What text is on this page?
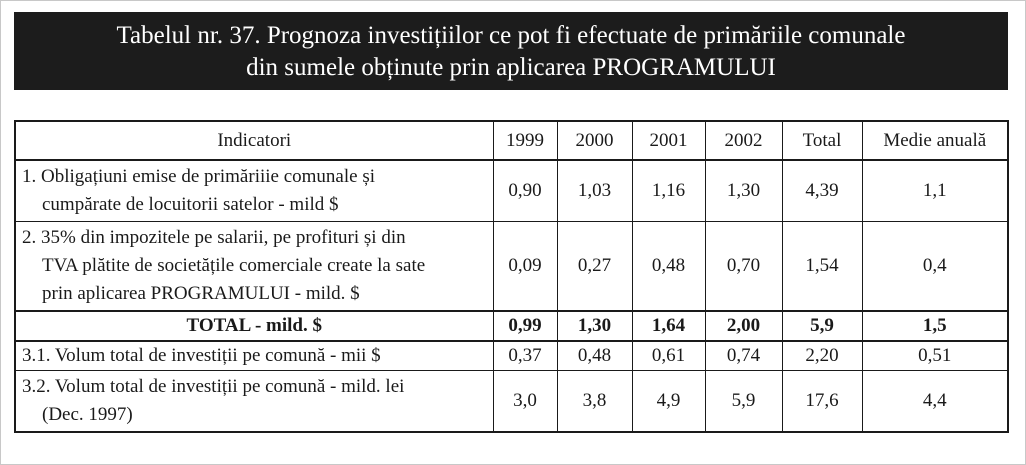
Tabelul nr. 37. Prognoza investițiilor ce pot fi efectuate de primăriile comunale
din sumele obținute prin aplicarea PROGRAMULUI
Indicatori	1999	2000	2001	2002	Total	Medie anuală

1. Obligațiuni emise de primăriiie comunale și
cumpărate de locuitorii satelor - mild $	0,90	1,03	1,16	1,30	4,39	1,1

2. 35% din impozitele pe salarii, pe profituri și din
TVA plătite de societățile comerciale create la sate
prin aplicarea PROGRAMULUI - mild. $	0,09	0,27	0,48	0,70	1,54	0,4
TOTAL - mild. $	0,99	1,30	1,64	2,00	5,9	1,5
3.1. Volum total de investiții pe comună - mii $	0,37	0,48	0,61	0,74	2,20	0,51

3.2. Volum total de investiții pe comună - mild. lei
(Dec. 1997)	3,0	3,8	4,9	5,9	17,6	4,4
